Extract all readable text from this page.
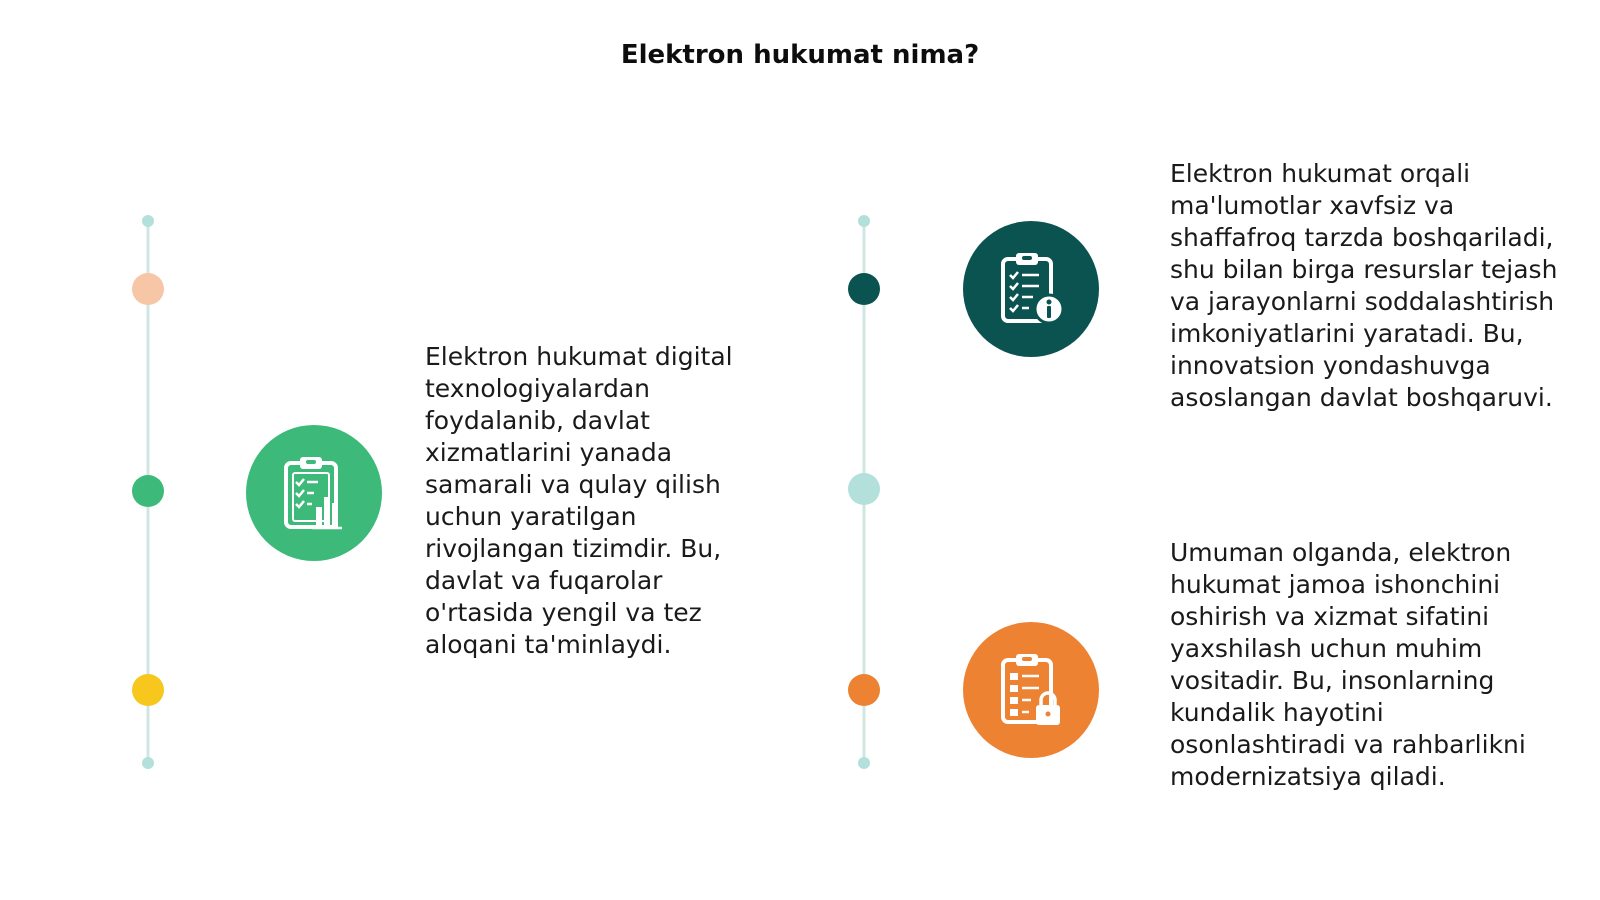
Elektron hukumat nima?
Elektron hukumat digital texnologiyalardan foydalanib, davlat xizmatlarini yanada samarali va qulay qilish uchun yaratilgan rivojlangan tizimdir. Bu, davlat va fuqarolar o'rtasida yengil va tez aloqani ta'minlaydi.
Elektron hukumat orqali ma'lumotlar xavfsiz va shaffafroq tarzda boshqariladi, shu bilan birga resurslar tejash va jarayonlarni soddalashtirish imkoniyatlarini yaratadi. Bu, innovatsion yondashuvga asoslangan davlat boshqaruvi.
Umuman olganda, elektron hukumat jamoa ishonchini oshirish va xizmat sifatini yaxshilash uchun muhim vositadir. Bu, insonlarning kundalik hayotini osonlashtiradi va rahbarlikni modernizatsiya qiladi.
